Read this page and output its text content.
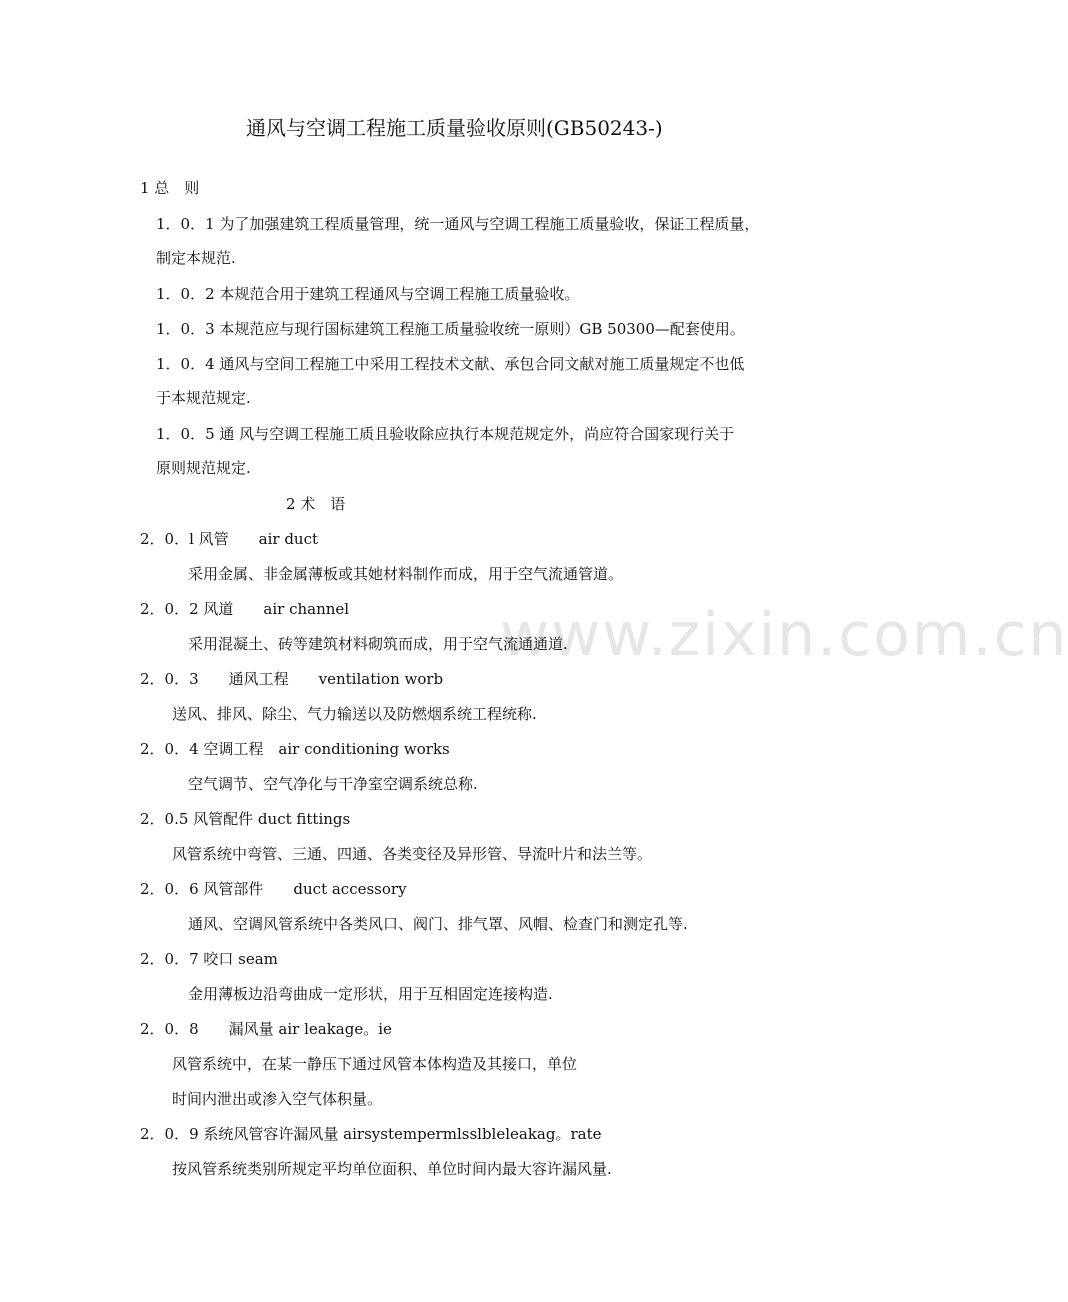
www.zixin.com.cn
通风与空调工程施工质量验收原则(GB50243-)
1 总　则
1．0．1 为了加强建筑工程质量管理，统一通风与空调工程施工质量验收，保证工程质量，
制定本规范.
1．0．2 本规范合用于建筑工程通风与空调工程施工质量验收。
1．0．3 本规范应与现行国标建筑工程施工质量验收统一原则）GB 50300—配套使用。
1．0．4 通风与空间工程施工中采用工程技术文献、承包合同文献对施工质量规定不也低
于本规范规定.
1．0．5 通 风与空调工程施工质且验收除应执行本规范规定外，尚应符合国家现行关于
原则规范规定.
2 术　语
2．0．l 风管　　air duct
采用金属、非金属薄板或其她材料制作而成，用于空气流通管道。
2．0．2 风道　　air channel
采用混凝土、砖等建筑材料砌筑而成，用于空气流通通道.
2．0．3　　通风工程　　ventilation worb
送风、排风、除尘、气力输送以及防燃烟系统工程统称.
2．0．4 空调工程　air conditioning works
空气调节、空气净化与干净室空调系统总称.
2．0.5 风管配件 duct fittings
风管系统中弯管、三通、四通、各类变径及异形管、导流叶片和法兰等。
2．0．6 风管部件　　duct accessory
通风、空调风管系统中各类风口、阀门、排气罩、风帽、检查门和测定孔等.
2．0．7 咬口 seam
金用薄板边沿弯曲成一定形状，用于互相固定连接构造.
2．0．8　　漏风量 air leakage。ie
风管系统中，在某一静压下通过风管本体构造及其接口，单位
时间内泄出或渗入空气体积量。
2．0．9 系统风管容许漏风量 airsystempermlsslbleleakag。rate
按风管系统类别所规定平均单位面积、单位时间内最大容许漏风量.
